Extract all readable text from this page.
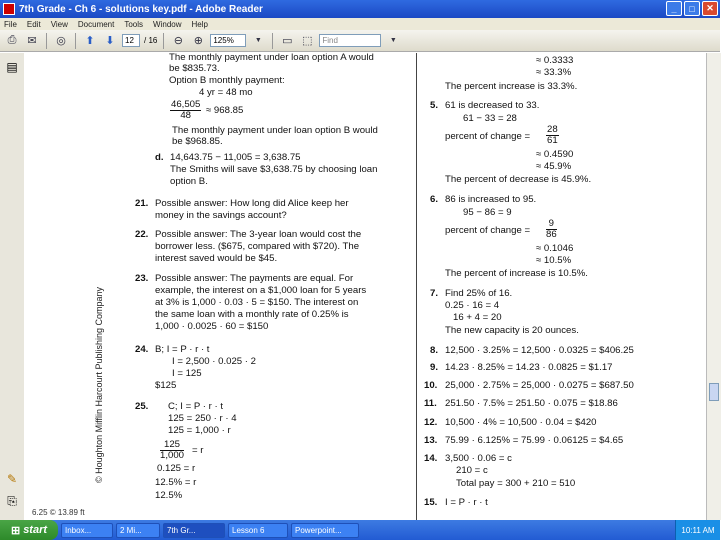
7th Grade - Ch 6 - solutions key.pdf - Adobe Reader	_	□	✕
File Edit View Document Tools Window Help
⎙ ✉	◎	⬆ ⬇	12	/ 16	⊖ ⊕	125%	▼	▭ ⬚	Find	▼
▤
✎
⎘
© Houghton Mifflin Harcourt Publishing Company
6.25 © 13.89 ft
The monthly payment under loan option A would
be $835.73.
Option B monthly payment:
4 yr = 48 mo
$\frac{46,505}{48} \approx 968.85$
The monthly payment under loan option B would
be $968.85.
d. 14,643.75 − 11,005 = 3,638.75
The Smiths will save $3,638.75 by choosing loan
option B.
21. Possible answer: How long did Alice keep her
money in the savings account?
22. Possible answer: The 3-year loan would cost the
borrower less. ($675, compared with $720). The
interest saved would be $45.
23. Possible answer: The payments are equal. For
example, the interest on a $1,000 loan for 5 years
at 3% is 1,000 · 0.03 · 5 = $150. The interest on
the same loan with a monthly rate of 0.25% is
1,000 · 0.0025 · 60 = $150
24. B; I = P · r · t
I = 2,500 · 0.025 · 2
I = 125
$125
25. C; I = P · r · t
125 = 250 · r · 4
125 = 1,000 · r
$\frac{125}{1,000} = r$
0.125 = r
12.5% = r
12.5%
≈ 0.3333
≈ 33.3%
The percent increase is 33.3%.
5. 61 is decreased to 33.
61 − 33 = 28
percent of change = $\frac{28}{61}$
≈ 0.4590
≈ 45.9%
The percent of decrease is 45.9%.
6. 86 is increased to 95.
95 − 86 = 9
percent of change = $\frac{9}{86}$
≈ 0.1046
≈ 10.5%
The percent of increase is 10.5%.
7. Find 25% of 16.
0.25 · 16 = 4
16 + 4 = 20
The new capacity is 20 ounces.
8. 12,500 · 3.25% = 12,500 · 0.0325 = $406.25
9. 14.23 · 8.25% = 14.23 · 0.0825 = $1.17
10. 25,000 · 2.75% = 25,000 · 0.0275 = $687.50
11. 251.50 · 7.5% = 251.50 · 0.075 = $18.86
12. 10,500 · 4% = 10,500 · 0.04 = $420
13. 75.99 · 6.125% = 75.99 · 0.06125 = $4.65
14. 3,500 · 0.06 = c
210 = c
Total pay = 300 + 210 = 510
15. I = P · r · t
⊞ start	Inbox...	2 Mi...	7th Gr...	Lesson 6	Powerpoint...	10:11 AM
